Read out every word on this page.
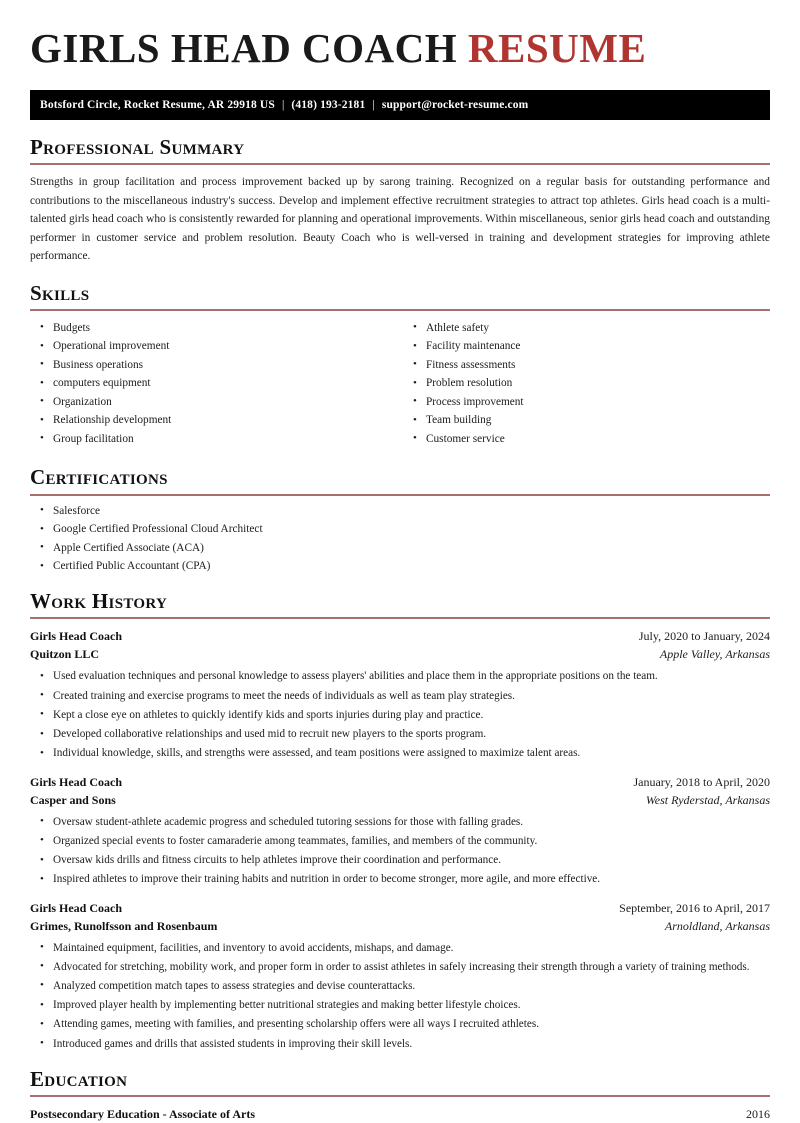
GIRLS HEAD COACH RESUME
Botsford Circle, Rocket Resume, AR 29918 US | (418) 193-2181 | support@rocket-resume.com
Professional Summary

Strengths in group facilitation and process improvement backed up by sarong training. Recognized on a regular basis for outstanding performance and contributions to the miscellaneous industry's success. Develop and implement effective recruitment strategies to attract top athletes. Girls head coach is a multi-talented girls head coach who is consistently rewarded for planning and operational improvements. Within miscellaneous, senior girls head coach and outstanding performer in customer service and problem resolution. Beauty Coach who is well-versed in training and development strategies for improving athlete performance.

Skills
• Budgets
• Operational improvement
• Business operations
• computers equipment
• Organization
• Relationship development
• Group facilitation
• Athlete safety
• Facility maintenance
• Fitness assessments
• Problem resolution
• Process improvement
• Team building
• Customer service
Certifications
• Salesforce
• Google Certified Professional Cloud Architect
• Apple Certified Associate (ACA)
• Certified Public Accountant (CPA)
Work History
Girls Head Coach	July, 2020 to January, 2024
Quitzon LLC	Apple Valley, Arkansas
• Used evaluation techniques and personal knowledge to assess players' abilities and place them in the appropriate positions on the team.
• Created training and exercise programs to meet the needs of individuals as well as team play strategies.
• Kept a close eye on athletes to quickly identify kids and sports injuries during play and practice.
• Developed collaborative relationships and used mid to recruit new players to the sports program.
• Individual knowledge, skills, and strengths were assessed, and team positions were assigned to maximize talent areas.
Girls Head Coach	January, 2018 to April, 2020
Casper and Sons	West Ryderstad, Arkansas
• Oversaw student-athlete academic progress and scheduled tutoring sessions for those with falling grades.
• Organized special events to foster camaraderie among teammates, families, and members of the community.
• Oversaw kids drills and fitness circuits to help athletes improve their coordination and performance.
• Inspired athletes to improve their training habits and nutrition in order to become stronger, more agile, and more effective.
Girls Head Coach	September, 2016 to April, 2017
Grimes, Runolfsson and Rosenbaum	Arnoldland, Arkansas
• Maintained equipment, facilities, and inventory to avoid accidents, mishaps, and damage.
• Advocated for stretching, mobility work, and proper form in order to assist athletes in safely increasing their strength through a variety of training methods.
• Analyzed competition match tapes to assess strategies and devise counterattacks.
• Improved player health by implementing better nutritional strategies and making better lifestyle choices.
• Attending games, meeting with families, and presenting scholarship offers were all ways I recruited athletes.
• Introduced games and drills that assisted students in improving their skill levels.
Education
Postsecondary Education - Associate of Arts	2016
